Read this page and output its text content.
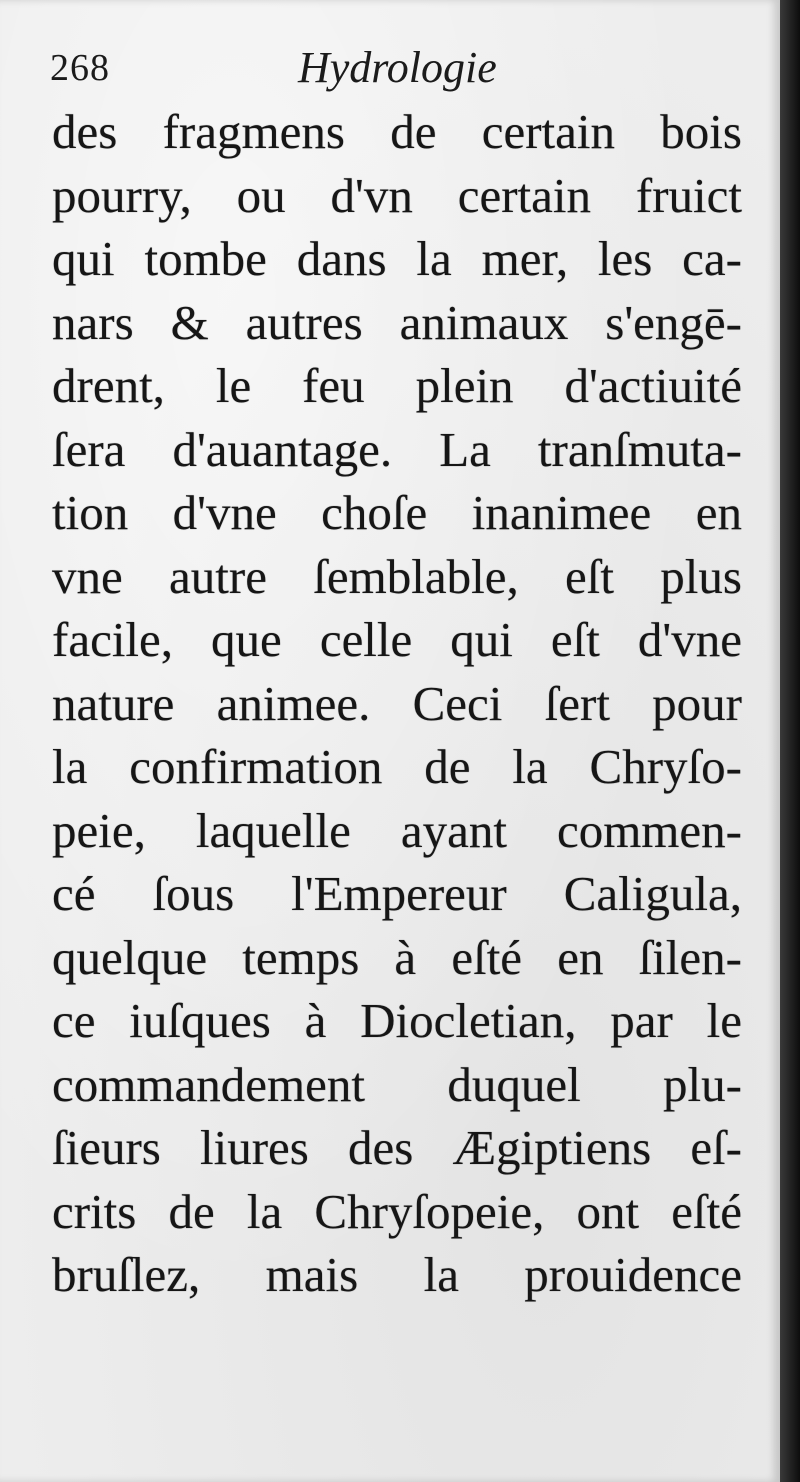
268	Hydrologie
des fragmens de certain bois
pourry, ou d'vn certain fruict
qui tombe dans la mer, les ca-
nars & autres animaux s'engē-
drent, le feu plein d'actiuité
ſera d'auantage. La tranſmuta-
tion d'vne choſe inanimee en
vne autre ſemblable, eſt plus
facile, que celle qui eſt d'vne
nature animee. Ceci ſert pour
la confirmation de la Chryſo-
peie, laquelle ayant commen-
cé ſous l'Empereur Caligula,
quelque temps à eſté en ſilen-
ce iuſques à Diocletian, par le
commandement duquel plu-
ſieurs liures des Ægiptiens eſ-
crits de la Chryſopeie, ont eſté
bruſlez, mais la prouidence
